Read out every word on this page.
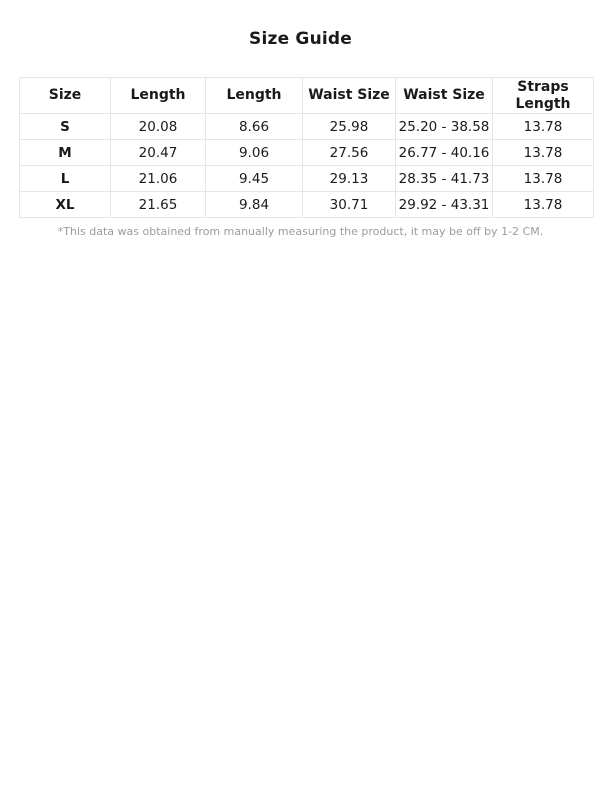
Size Guide
Size	Length	Length	Waist Size	Waist Size	Straps Length
S	20.08	8.66	25.98	25.20 - 38.58	13.78
M	20.47	9.06	27.56	26.77 - 40.16	13.78
L	21.06	9.45	29.13	28.35 - 41.73	13.78
XL	21.65	9.84	30.71	29.92 - 43.31	13.78
*This data was obtained from manually measuring the product, it may be off by 1-2 CM.
